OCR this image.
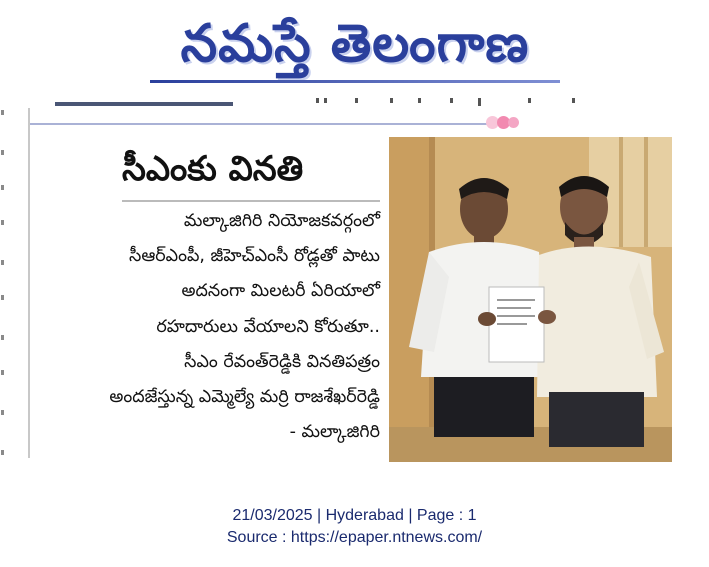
నమస్తే తెలంగాణ
సీఎంకు వినతి
మల్కాజిగిరి నియోజకవర్గంలో
సీఆర్‌ఎంపీ, జీహెచ్‌ఎంసీ రోడ్లతో పాటు
అదనంగా మిలటరీ ఏరియాలో
రహదారులు వేయాలని కోరుతూ..
సీఎం రేవంత్‌రెడ్డికి వినతిపత్రం
అందజేస్తున్న ఎమ్మెల్యే మర్రి రాజశేఖర్‌రెడ్డి
- మల్కాజిగిరి
21/03/2025 | Hyderabad | Page : 1
Source : https://epaper.ntnews.com/
